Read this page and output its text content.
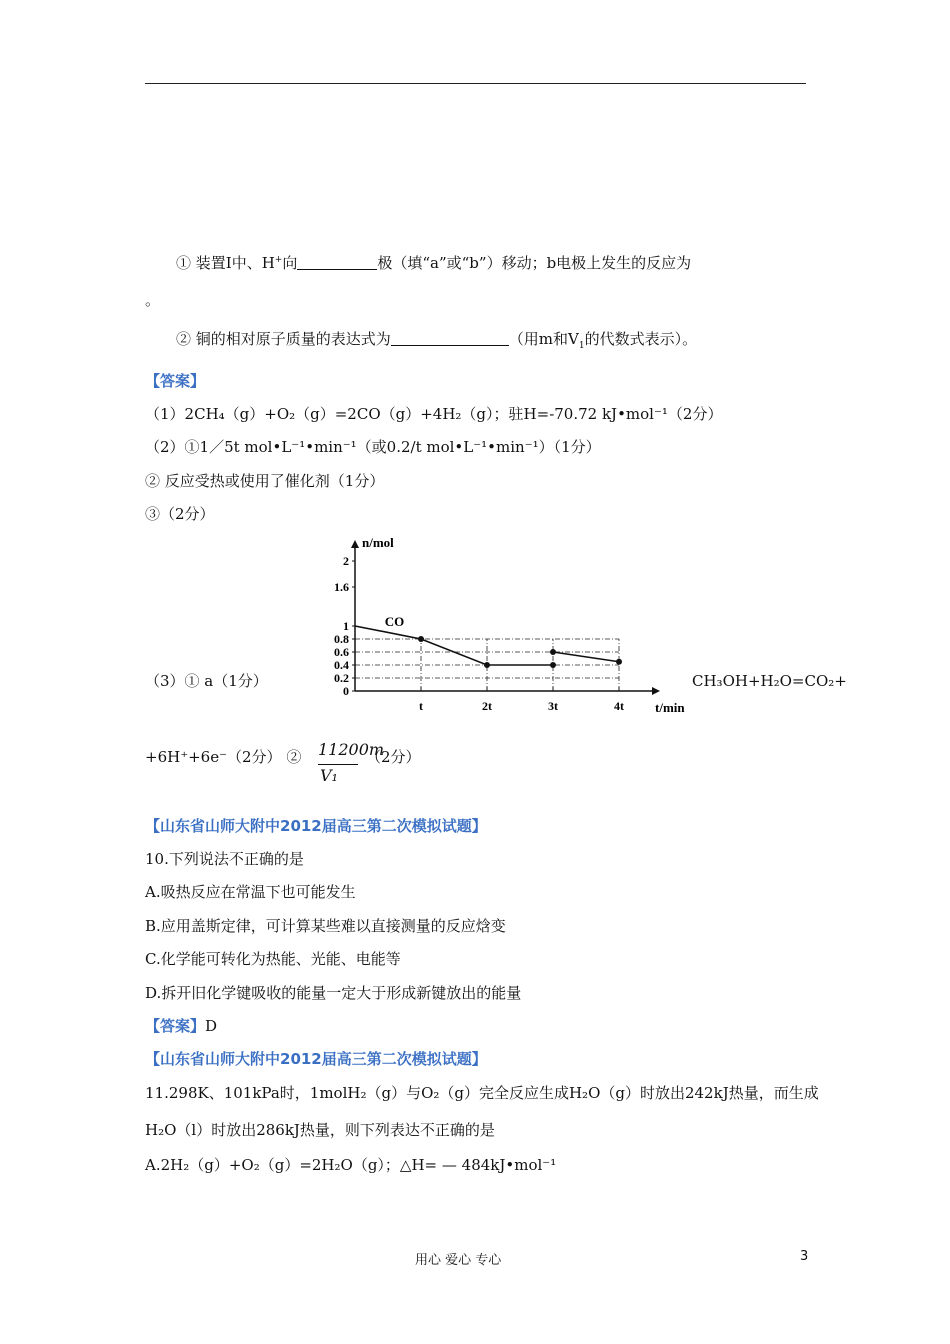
① 装置Ⅰ中、H+向	极（填“a”或“b”）移动；b电极上发生的反应为
。
② 铜的相对原子质量的表达式为	（用m和$V_1$的代数式表示）。
【答案】
（1）2CH₄（g）+O₂（g）=2CO（g）+4H₂（g）；驻H=-70.72 kJ•mol⁻¹（2分）
（2）①1／5t mol•L⁻¹•min⁻¹（或0.2/t mol•L⁻¹•min⁻¹）（1分）
② 反应受热或使用了催化剂（1分）
③（2分）
0
0.2
0.4
0.6
0.8
1
1.6
2
t	2t	3t	4t
n/mol
t/min
CO
（3）① a（1分）	CH₃OH+H₂O=CO₂+
+6H⁺+6e⁻（2分） ② 11200m
V₁
（2分）
【山东省山师大附中2012届高三第二次模拟试题】
10.下列说法不正确的是
A.吸热反应在常温下也可能发生
B.应用盖斯定律，可计算某些难以直接测量的反应焓变
C.化学能可转化为热能、光能、电能等
D.拆开旧化学键吸收的能量一定大于形成新键放出的能量
【答案】D
【山东省山师大附中2012届高三第二次模拟试题】
11.298K、101kPa时，1molH₂（g）与O₂（g）完全反应生成H₂O（g）时放出242kJ热量，而生成
H₂O（l）时放出286kJ热量，则下列表达不正确的是
A.2H₂（g）+O₂（g）=2H₂O（g）；△H= — 484kJ•mol⁻¹
用心 爱心 专心	3
